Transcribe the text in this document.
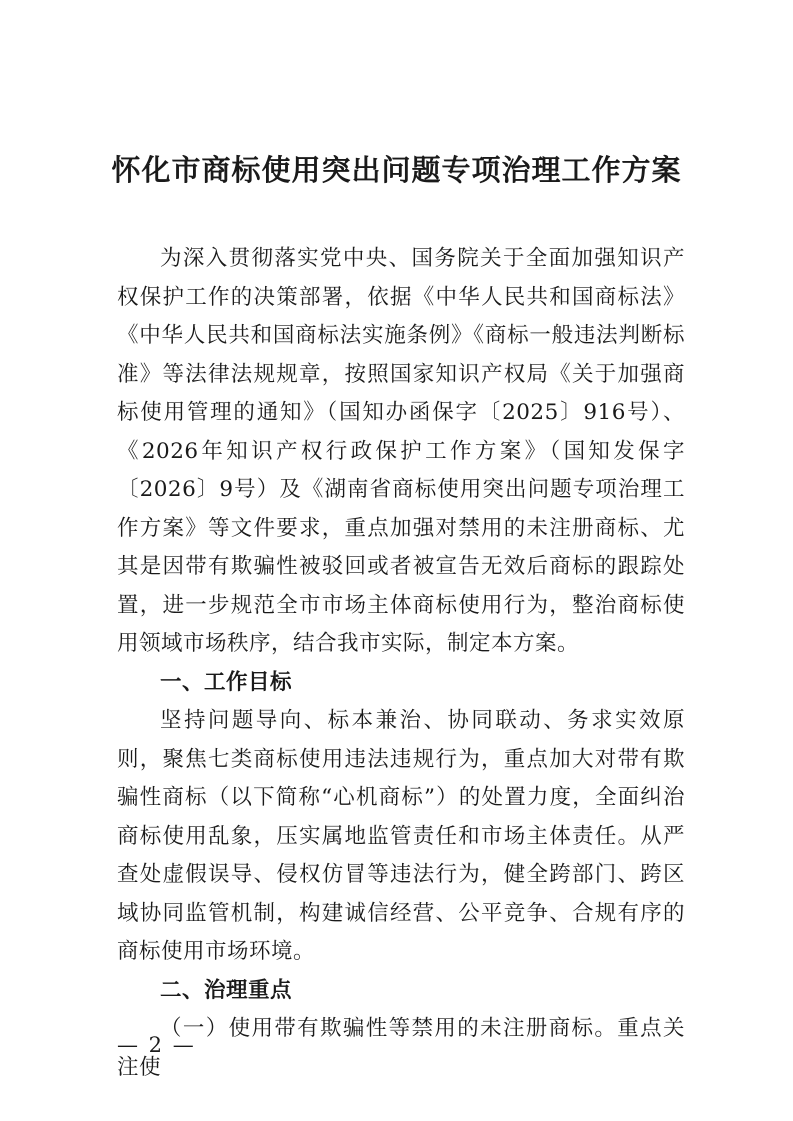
怀化市商标使用突出问题专项治理工作方案

为深入贯彻落实党中央、国务院关于全面加强知识产权保护工作的决策部署，依据《中华人民共和国商标法》《中华人民共和国商标法实施条例》《商标一般违法判断标准》等法律法规规章，按照国家知识产权局《关于加强商标使用管理的通知》（国知办函保字〔2025〕916号）、《2026年知识产权行政保护工作方案》（国知发保字〔2026〕9号）及《湖南省商标使用突出问题专项治理工作方案》等文件要求，重点加强对禁用的未注册商标、尤其是因带有欺骗性被驳回或者被宣告无效后商标的跟踪处置，进一步规范全市市场主体商标使用行为，整治商标使用领域市场秩序，结合我市实际，制定本方案。

一、工作目标

坚持问题导向、标本兼治、协同联动、务求实效原则，聚焦七类商标使用违法违规行为，重点加大对带有欺骗性商标（以下简称“心机商标”）的处置力度，全面纠治商标使用乱象，压实属地监管责任和市场主体责任。从严查处虚假误导、侵权仿冒等违法行为，健全跨部门、跨区域协同监管机制，构建诚信经营、公平竞争、合规有序的商标使用市场环境。

二、治理重点

（一）使用带有欺骗性等禁用的未注册商标。重点关注使

— 2 —
